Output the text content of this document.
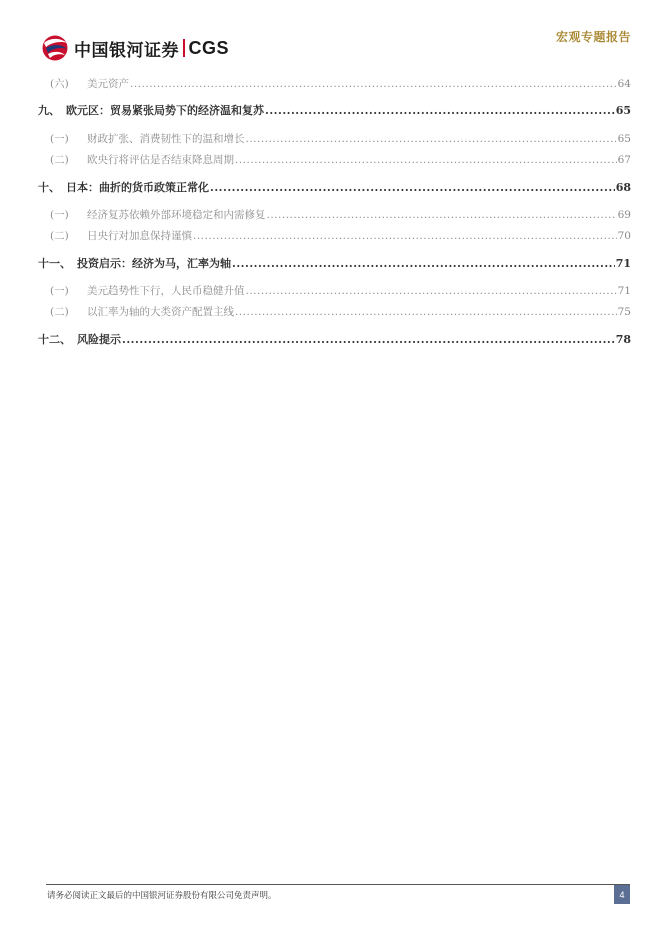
中国银河证券 CGS
宏观专题报告
(六)	美元资产 .....	64
九、 欧元区：贸易紧张局势下的经济温和复苏 .....	65
(一)	财政扩张、消费韧性下的温和增长 .....	65
(二)	欧央行将评估是否结束降息周期 .....	67
十、 日本：曲折的货币政策正常化 .....	68
(一)	经济复苏依赖外部环境稳定和内需修复 .....	69
(二)	日央行对加息保持谨慎 .....	70
十一、 投资启示：经济为马，汇率为轴 .....	71
(一)	美元趋势性下行，人民币稳健升值 .....	71
(二)	以汇率为轴的大类资产配置主线 .....	75
十二、 风险提示 .....	78
请务必阅读正文最后的中国银河证券股份有限公司免责声明。	4
